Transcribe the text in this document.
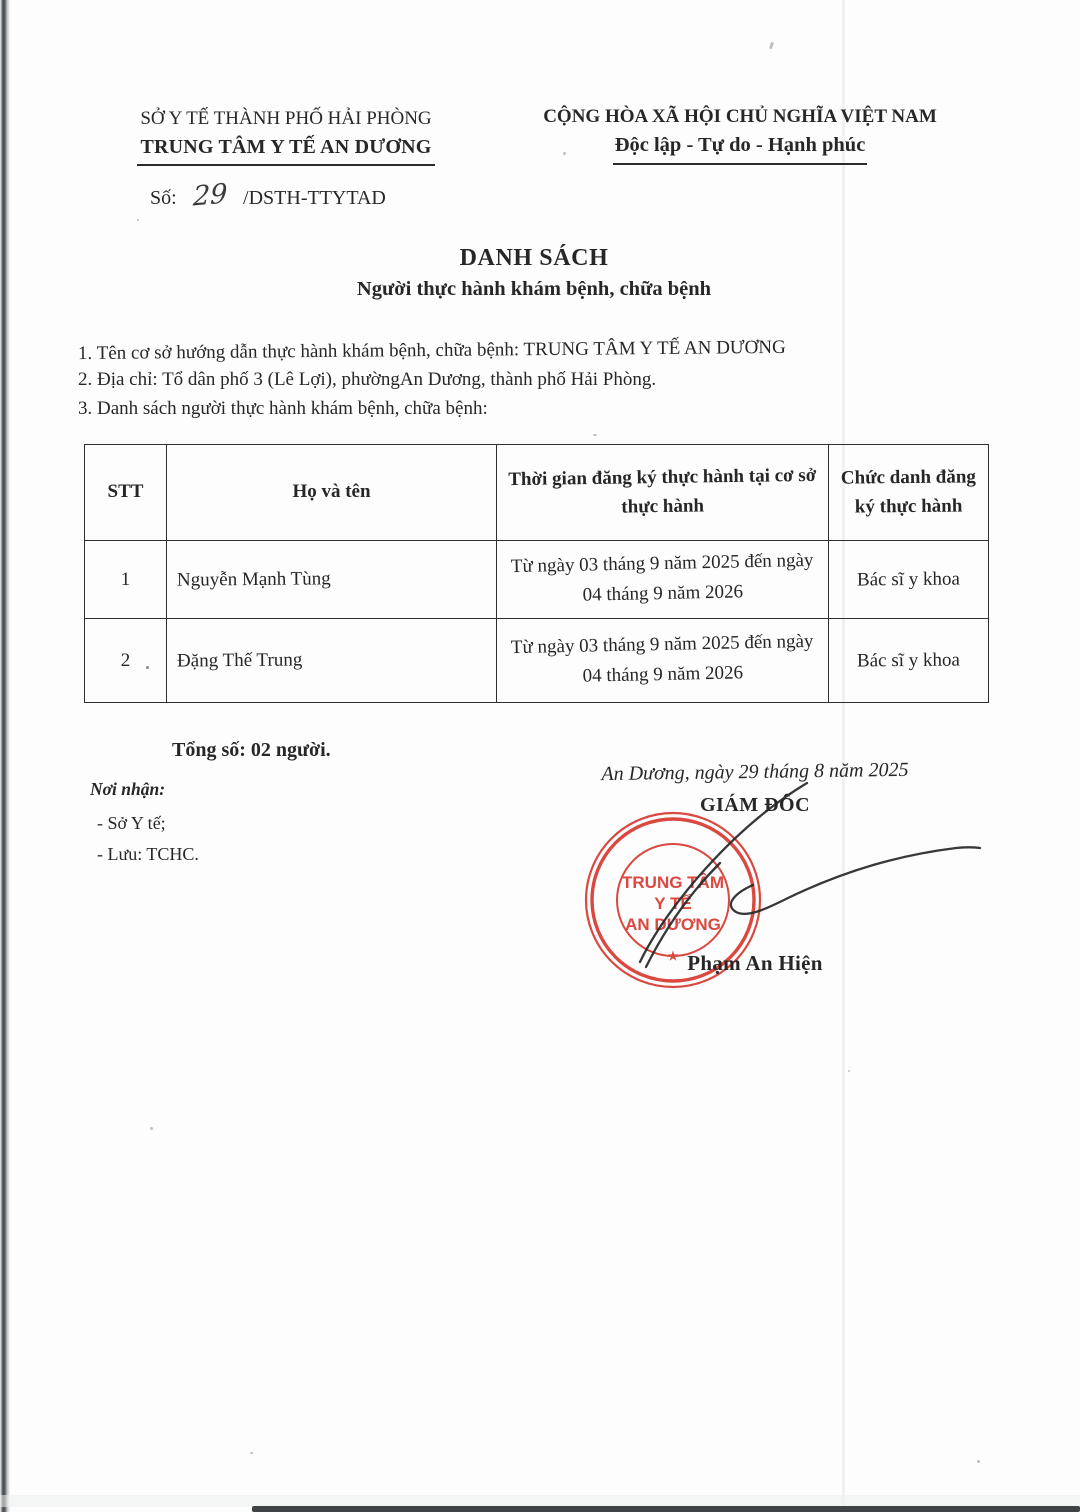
SỞ Y TẾ THÀNH PHỐ HẢI PHÒNG
TRUNG TÂM Y TẾ AN DƯƠNG
Số: 29 /DSTH-TTYTAD
CỘNG HÒA XÃ HỘI CHỦ NGHĨA VIỆT NAM
Độc lập - Tự do - Hạnh phúc
DANH SÁCH
Người thực hành khám bệnh, chữa bệnh
1. Tên cơ sở hướng dẫn thực hành khám bệnh, chữa bệnh: TRUNG TÂM Y TẾ AN DƯƠNG
2. Địa chỉ: Tổ dân phố 3 (Lê Lợi), phườngAn Dương, thành phố Hải Phòng.
3. Danh sách người thực hành khám bệnh, chữa bệnh:
STT	Họ và tên	Thời gian đăng ký thực hành tại cơ sở thực hành	Chức danh đăng ký thực hành
1	Nguyễn Mạnh Tùng	Từ ngày 03 tháng 9 năm 2025 đến ngày 04 tháng 9 năm 2026	Bác sĩ y khoa
2	Đặng Thế Trung	Từ ngày 03 tháng 9 năm 2025 đến ngày 04 tháng 9 năm 2026	Bác sĩ y khoa
Tổng số: 02 người.
Nơi nhận:
- Sở Y tế;
- Lưu: TCHC.
An Dương, ngày 29 tháng 8 năm 2025
GIÁM ĐỐC
Phạm An Hiện
TRUNG TÂM
Y TẾ
AN DƯƠNG
★
